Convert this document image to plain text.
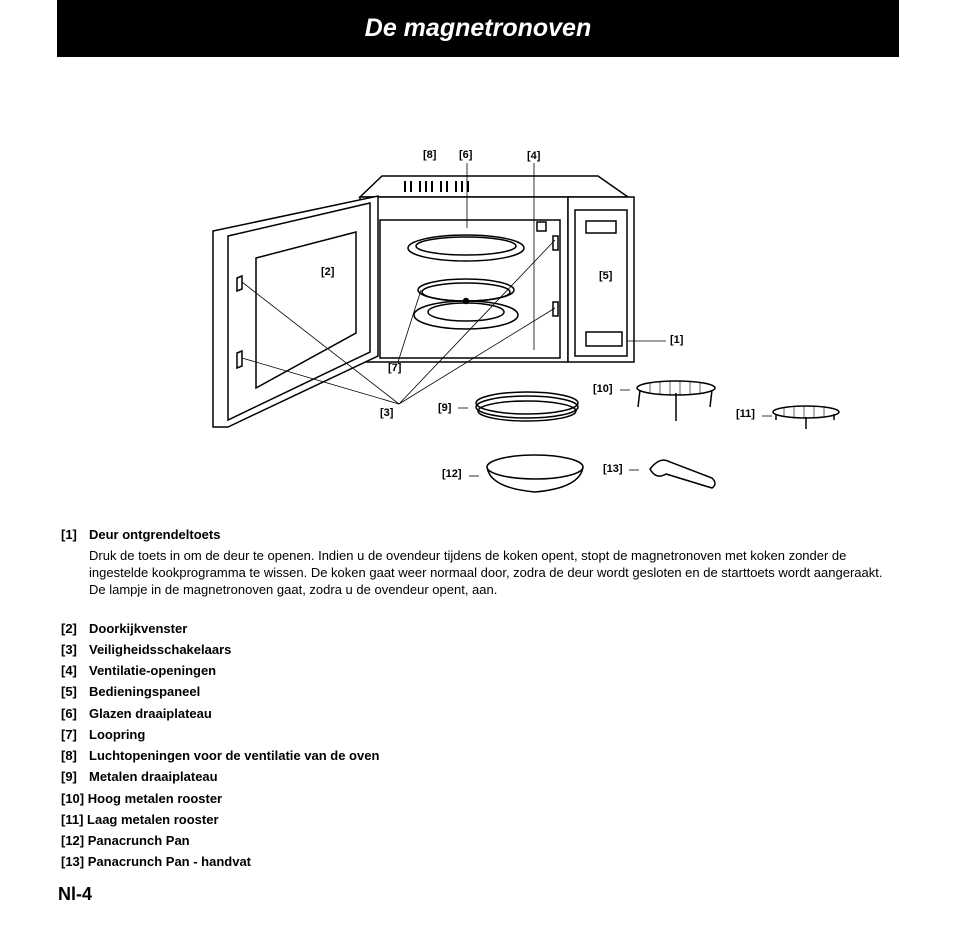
De magnetronoven
[8] [6]	[4]
[2]	[5]
[1]
[7]
[10]
[9]
[3]	[11]
[13]
[12]
[1] Deur ontgrendeltoets

Druk de toets in om de deur te openen. Indien u de ovendeur tijdens de koken opent, stopt de magnetronoven met koken zonder de ingestelde kookprogramma te wissen. De koken gaat weer normaal door, zodra de deur wordt gesloten en de starttoets wordt aangeraakt.

De lampje in de magnetronoven gaat, zodra u de ovendeur opent, aan.

[2] Doorkijkvenster
[3] Veiligheidsschakelaars
[4] Ventilatie-openingen
[5] Bedieningspaneel
[6] Glazen draaiplateau
[7] Loopring
[8] Luchtopeningen voor de ventilatie van de oven
[9] Metalen draaiplateau
[10] Hoog metalen rooster
[11] Laag metalen rooster
[12] Panacrunch Pan
[13] Panacrunch Pan - handvat
Nl-4
